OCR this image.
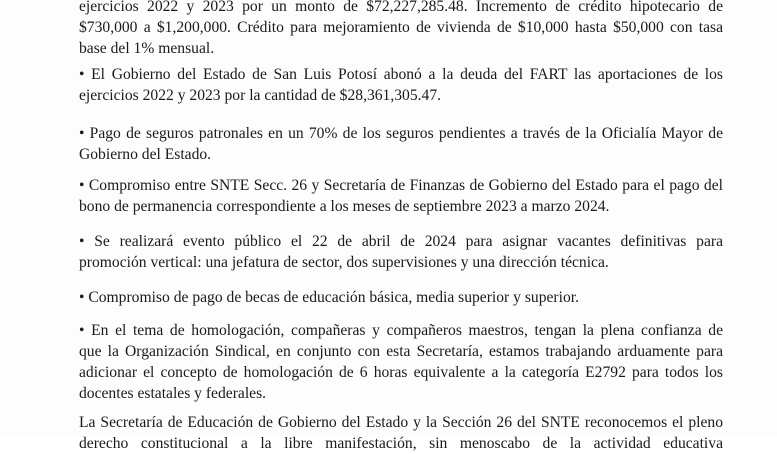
ejercicios 2022 y 2023 por un monto de $72,227,285.48. Incremento de crédito hipotecario de
$730,000 a $1,200,000. Crédito para mejoramiento de vivienda de $10,000 hasta $50,000 con tasa
base del 1% mensual.

• El Gobierno del Estado de San Luis Potosí abonó a la deuda del FART las aportaciones de los
ejercicios 2022 y 2023 por la cantidad de $28,361,305.47.

• Pago de seguros patronales en un 70% de los seguros pendientes a través de la Oficialía Mayor de
Gobierno del Estado.

• Compromiso entre SNTE Secc. 26 y Secretaría de Finanzas de Gobierno del Estado para el pago del
bono de permanencia correspondiente a los meses de septiembre 2023 a marzo 2024.

• Se realizará evento público el 22 de abril de 2024 para asignar vacantes definitivas para
promoción vertical: una jefatura de sector, dos supervisiones y una dirección técnica.

• Compromiso de pago de becas de educación básica, media superior y superior.

• En el tema de homologación, compañeras y compañeros maestros, tengan la plena confianza de
que la Organización Sindical, en conjunto con esta Secretaría, estamos trabajando arduamente para
adicionar el concepto de homologación de 6 horas equivalente a la categoría E2792 para todos los
docentes estatales y federales.

La Secretaría de Educación de Gobierno del Estado y la Sección 26 del SNTE reconocemos el pleno
derecho constitucional a la libre manifestación, sin menoscabo de la actividad educativa
